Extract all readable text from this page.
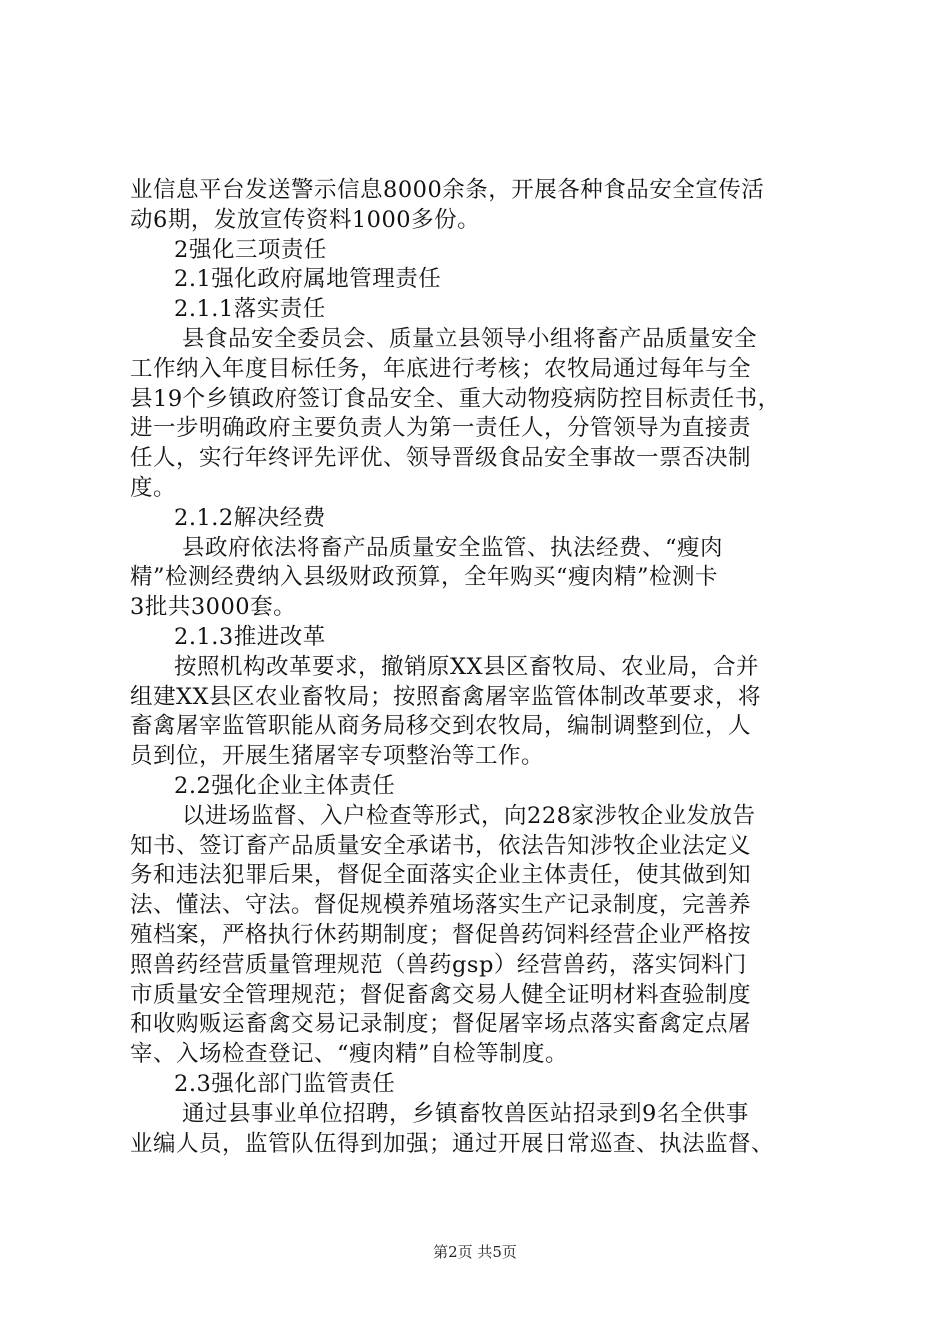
业信息平台发送警示信息8000余条，开展各种食品安全宣传活
动6期，发放宣传资料1000多份。
2强化三项责任
2.1强化政府属地管理责任
2.1.1落实责任
县食品安全委员会、质量立县领导小组将畜产品质量安全
工作纳入年度目标任务，年底进行考核；农牧局通过每年与全
县19个乡镇政府签订食品安全、重大动物疫病防控目标责任书，
进一步明确政府主要负责人为第一责任人，分管领导为直接责
任人，实行年终评先评优、领导晋级食品安全事故一票否决制
度。
2.1.2解决经费
县政府依法将畜产品质量安全监管、执法经费、“瘦肉
精”检测经费纳入县级财政预算，全年购买“瘦肉精”检测卡
3批共3000套。
2.1.3推进改革
按照机构改革要求，撤销原XX县区畜牧局、农业局，合并
组建XX县区农业畜牧局；按照畜禽屠宰监管体制改革要求，将
畜禽屠宰监管职能从商务局移交到农牧局，编制调整到位，人
员到位，开展生猪屠宰专项整治等工作。
2.2强化企业主体责任
以进场监督、入户检查等形式，向228家涉牧企业发放告
知书、签订畜产品质量安全承诺书，依法告知涉牧企业法定义
务和违法犯罪后果，督促全面落实企业主体责任，使其做到知
法、懂法、守法。督促规模养殖场落实生产记录制度，完善养
殖档案，严格执行休药期制度；督促兽药饲料经营企业严格按
照兽药经营质量管理规范（兽药gsp）经营兽药，落实饲料门
市质量安全管理规范；督促畜禽交易人健全证明材料查验制度
和收购贩运畜禽交易记录制度；督促屠宰场点落实畜禽定点屠
宰、入场检查登记、“瘦肉精”自检等制度。
2.3强化部门监管责任
通过县事业单位招聘，乡镇畜牧兽医站招录到9名全供事
业编人员，监管队伍得到加强；通过开展日常巡查、执法监督、
第2页 共5页
